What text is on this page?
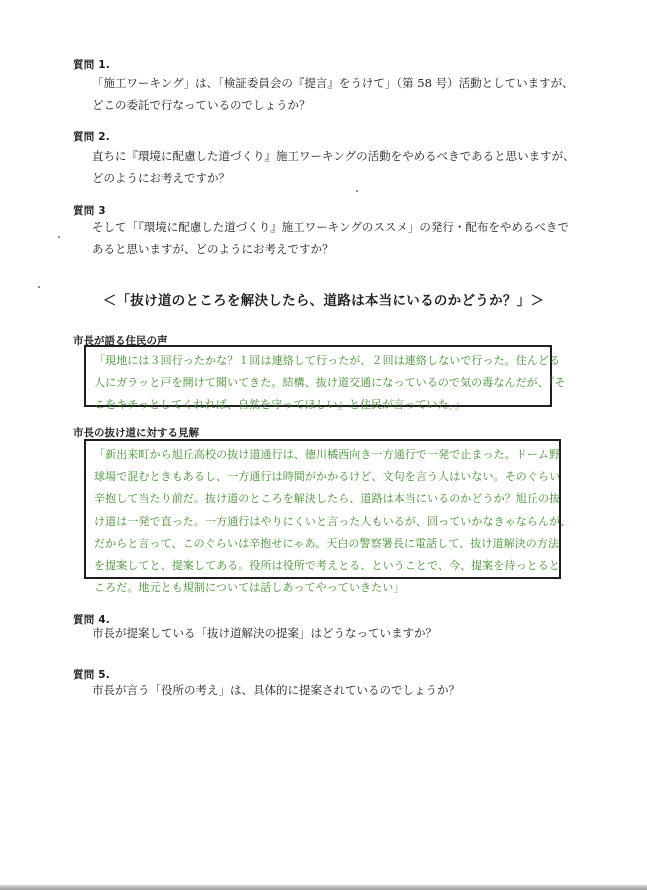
質問 1.
「施工ワーキング」は、「検証委員会の『提言』をうけて」（第 58 号）活動としていますが、
どこの委託で行なっているのでしょうか？
質問 2.
直ちに『環境に配慮した道づくり』施工ワーキングの活動をやめるべきであると思いますが、
どのようにお考えですか？
質問 3
そして「『環境に配慮した道づくり』施工ワーキングのススメ」の発行・配布をやめるべきで
あると思いますが、どのようにお考えですか？
＜「抜け道のところを解決したら、道路は本当にいるのかどうか？」＞
市長が語る住民の声
「現地には３回行ったかな？１回は連絡して行ったが、２回は連絡しないで行った。住んどる
人にガラッと戸を開けて聞いてきた。結構、抜け道交通になっているので気の毒なんだが、『そ
こをキチっとしてくれれば、自然を守ってほしい』と住民が言っていた。」
市長の抜け道に対する見解
「新出来町から旭丘高校の抜け道通行は、徳川橘西向き一方通行で一発で止まった。ドーム野
球場で混むときもあるし、一方通行は時間がかかるけど、文句を言う人はいない。そのぐらい
辛抱して当たり前だ。抜け道のところを解決したら、道路は本当にいるのかどうか？旭丘の抜
け道は一発で直った。一方通行はやりにくいと言った人もいるが、回っていかなきゃならんが、
だからと言って、このぐらいは辛抱せにゃあ。天白の警察署長に電話して、抜け道解決の方法
を提案してと、提案してある。役所は役所で考えとる、ということで、今、提案を待っとると
ころだ。地元とも規制については話しあってやっていきたい」
質問 4.
市長が提案している「抜け道解決の提案」はどうなっていますか？
質問 5.
市長が言う「役所の考え」は、具体的に提案されているのでしょうか？
